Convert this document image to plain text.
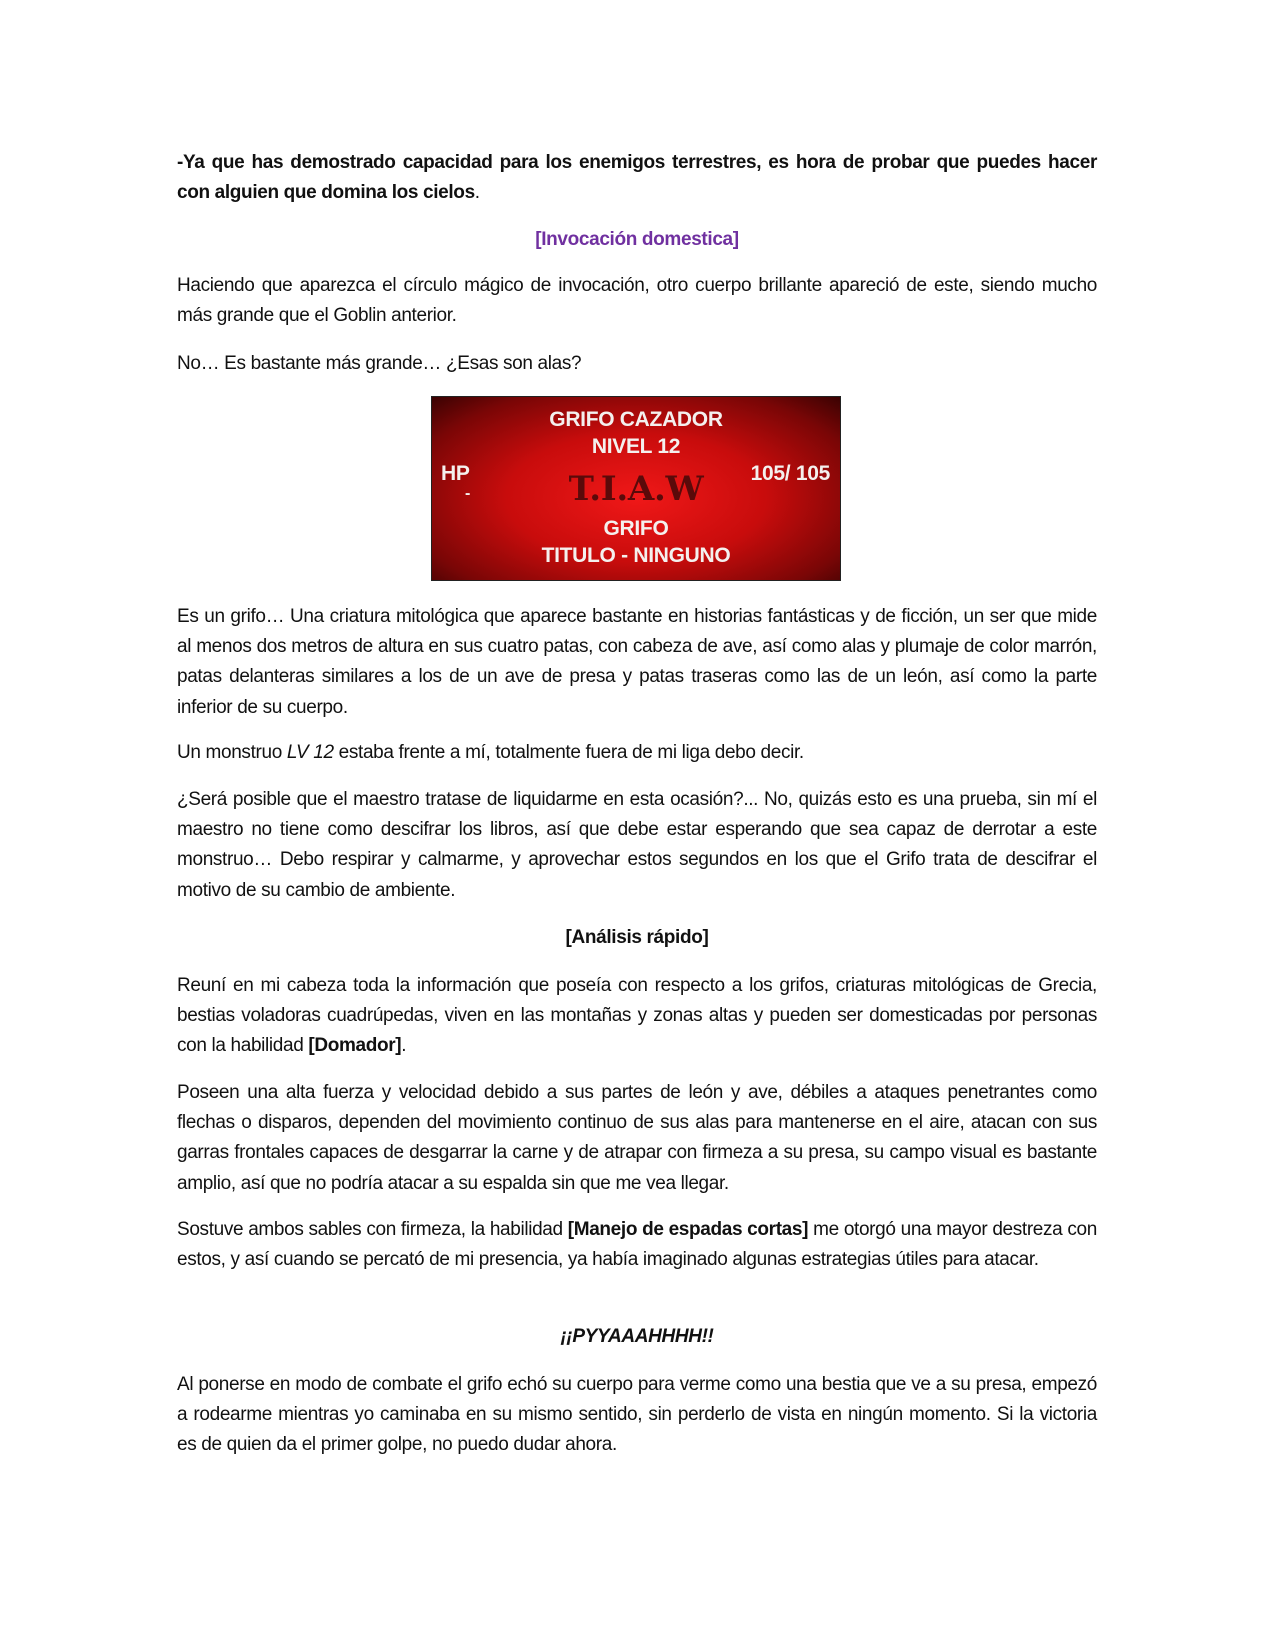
-Ya que has demostrado capacidad para los enemigos terrestres, es hora de probar que puedes hacer con alguien que domina los cielos.

[Invocación domestica]

Haciendo que aparezca el círculo mágico de invocación, otro cuerpo brillante apareció de este, siendo mucho más grande que el Goblin anterior.

No… Es bastante más grande… ¿Esas son alas?

T.I.A.W
GRIFO CAZADOR
NIVEL 12
HP
-
105/ 105
GRIFO
TITULO - NINGUNO

Es un grifo… Una criatura mitológica que aparece bastante en historias fantásticas y de ficción, un ser que mide al menos dos metros de altura en sus cuatro patas, con cabeza de ave, así como alas y plumaje de color marrón, patas delanteras similares a los de un ave de presa y patas traseras como las de un león, así como la parte inferior de su cuerpo.

Un monstruo LV 12 estaba frente a mí, totalmente fuera de mi liga debo decir.

¿Será posible que el maestro tratase de liquidarme en esta ocasión?... No, quizás esto es una prueba, sin mí el maestro no tiene como descifrar los libros, así que debe estar esperando que sea capaz de derrotar a este monstruo… Debo respirar y calmarme, y aprovechar estos segundos en los que el Grifo trata de descifrar el motivo de su cambio de ambiente.

[Análisis rápido]

Reuní en mi cabeza toda la información que poseía con respecto a los grifos, criaturas mitológicas de Grecia, bestias voladoras cuadrúpedas, viven en las montañas y zonas altas y pueden ser domesticadas por personas con la habilidad [Domador].

Poseen una alta fuerza y velocidad debido a sus partes de león y ave, débiles a ataques penetrantes como flechas o disparos, dependen del movimiento continuo de sus alas para mantenerse en el aire, atacan con sus garras frontales capaces de desgarrar la carne y de atrapar con firmeza a su presa, su campo visual es bastante amplio, así que no podría atacar a su espalda sin que me vea llegar.

Sostuve ambos sables con firmeza, la habilidad [Manejo de espadas cortas] me otorgó una mayor destreza con estos, y así cuando se percató de mi presencia, ya había imaginado algunas estrategias útiles para atacar.

¡¡PYYAAAHHHH!!

Al ponerse en modo de combate el grifo echó su cuerpo para verme como una bestia que ve a su presa, empezó a rodearme mientras yo caminaba en su mismo sentido, sin perderlo de vista en ningún momento. Si la victoria es de quien da el primer golpe, no puedo dudar ahora.
